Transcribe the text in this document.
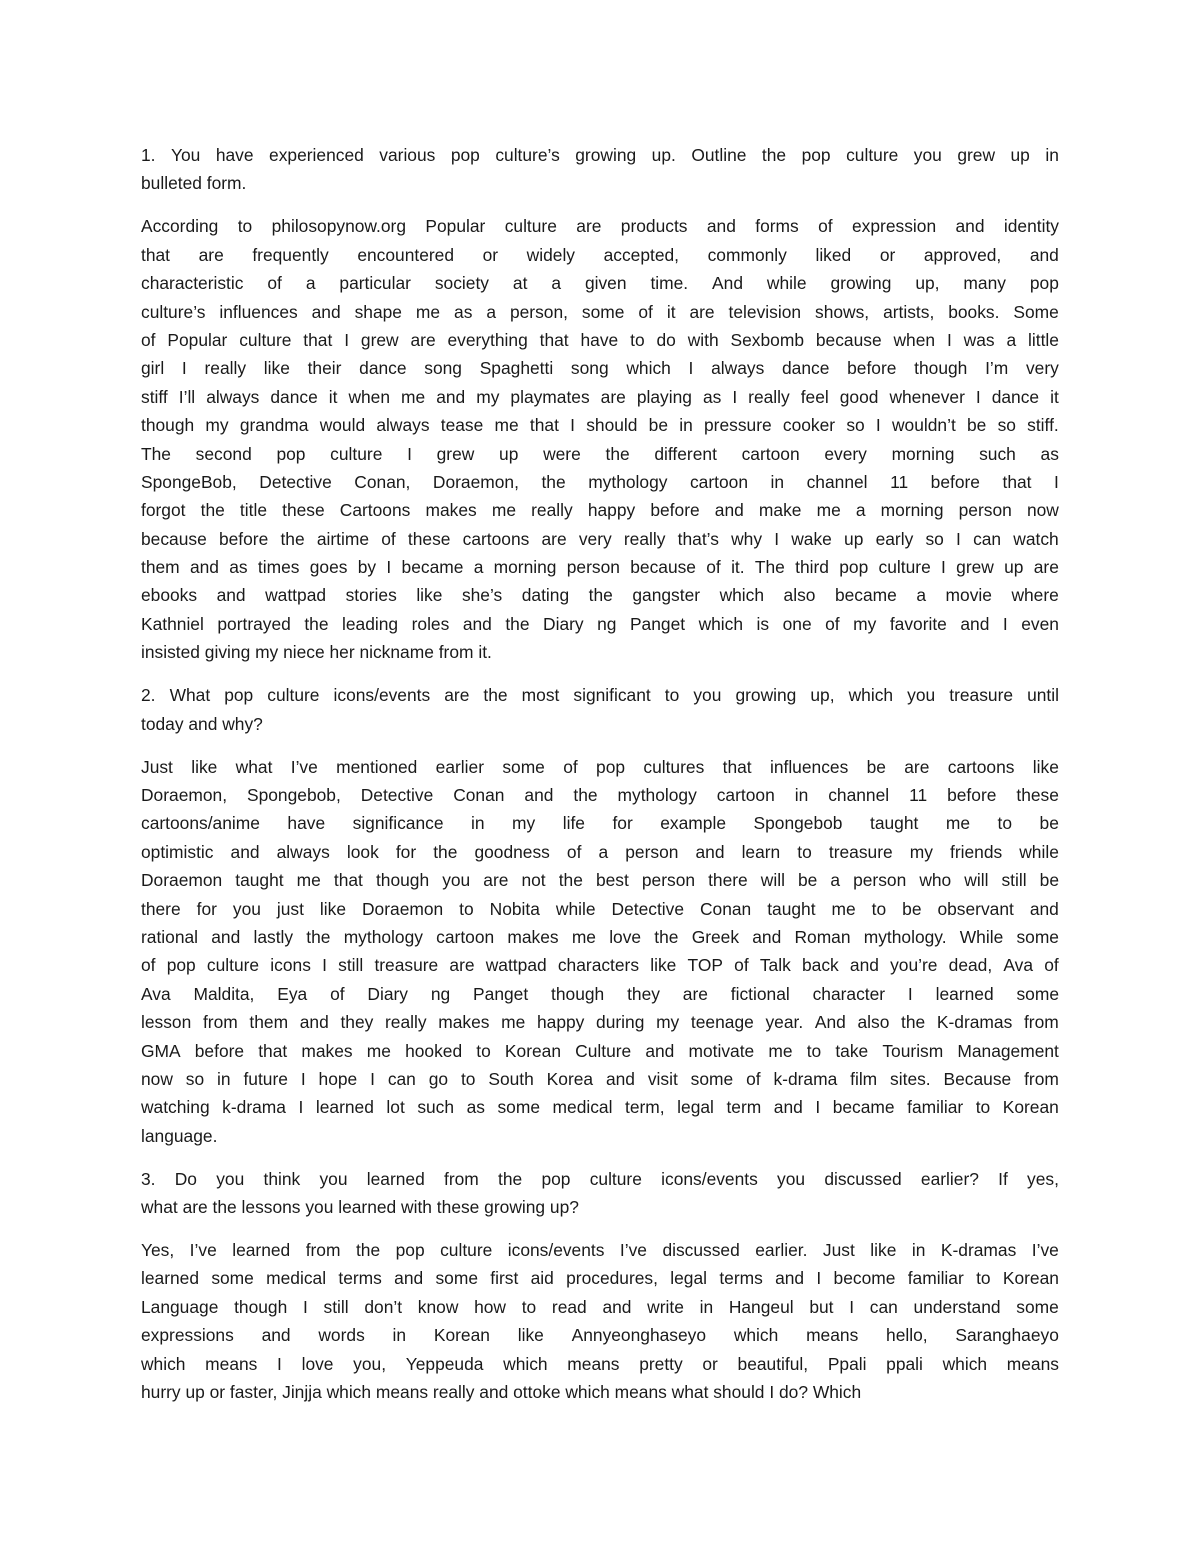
1. You have experienced various pop culture’s growing up. Outline the pop culture you grew up in
bulleted form.
According to philosopynow.org Popular culture are products and forms of expression and identity
that are frequently encountered or widely accepted, commonly liked or approved, and
characteristic of a particular society at a given time. And while growing up, many pop
culture’s influences and shape me as a person, some of it are television shows, artists, books. Some
of Popular culture that I grew are everything that have to do with Sexbomb because when I was a little
girl I really like their dance song Spaghetti song which I always dance before though I’m very
stiff I’ll always dance it when me and my playmates are playing as I really feel good whenever I dance it
though my grandma would always tease me that I should be in pressure cooker so I wouldn’t be so stiff.
The second pop culture I grew up were the different cartoon every morning such as
SpongeBob, Detective Conan, Doraemon, the mythology cartoon in channel 11 before that I
forgot the title these Cartoons makes me really happy before and make me a morning person now
because before the airtime of these cartoons are very really that’s why I wake up early so I can watch
them and as times goes by I became a morning person because of it. The third pop culture I grew up are
ebooks and wattpad stories like she’s dating the gangster which also became a movie where
Kathniel portrayed the leading roles and the Diary ng Panget which is one of my favorite and I even
insisted giving my niece her nickname from it.
2. What pop culture icons/events are the most significant to you growing up, which you treasure until
today and why?
Just like what I’ve mentioned earlier some of pop cultures that influences be are cartoons like
Doraemon, Spongebob, Detective Conan and the mythology cartoon in channel 11 before these
cartoons/anime have significance in my life for example Spongebob taught me to be
optimistic and always look for the goodness of a person and learn to treasure my friends while
Doraemon taught me that though you are not the best person there will be a person who will still be
there for you just like Doraemon to Nobita while Detective Conan taught me to be observant and
rational and lastly the mythology cartoon makes me love the Greek and Roman mythology. While some
of pop culture icons I still treasure are wattpad characters like TOP of Talk back and you’re dead, Ava of
Ava Maldita, Eya of Diary ng Panget though they are fictional character I learned some
lesson from them and they really makes me happy during my teenage year. And also the K-dramas from
GMA before that makes me hooked to Korean Culture and motivate me to take Tourism Management
now so in future I hope I can go to South Korea and visit some of k-drama film sites. Because from
watching k-drama I learned lot such as some medical term, legal term and I became familiar to Korean
language.
3. Do you think you learned from the pop culture icons/events you discussed earlier? If yes,
what are the lessons you learned with these growing up?
Yes, I’ve learned from the pop culture icons/events I’ve discussed earlier. Just like in K-dramas I’ve
learned some medical terms and some first aid procedures, legal terms and I become familiar to Korean
Language though I still don’t know how to read and write in Hangeul but I can understand some
expressions and words in Korean like Annyeonghaseyo which means hello, Saranghaeyo
which means I love you, Yeppeuda which means pretty or beautiful, Ppali ppali which means
hurry up or faster, Jinjja which means really and ottoke which means what should I do? Which
